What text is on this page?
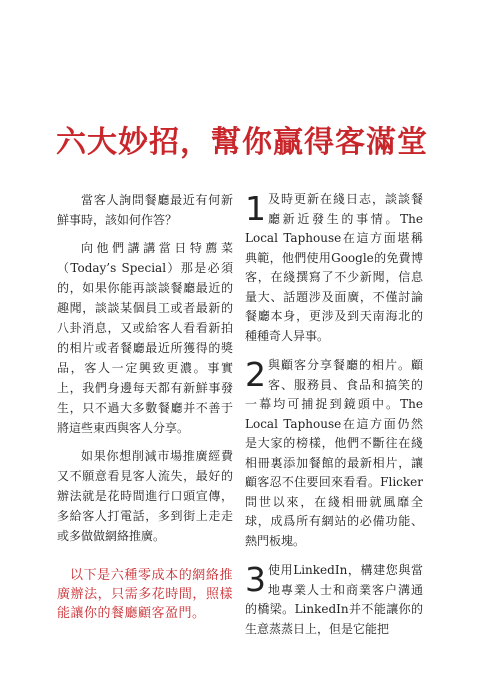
六大妙招，幫你贏得客滿堂

當客人詢問餐廳最近有何新鮮事時，該如何作答？

向他們講講當日特薦菜（Today’s Special）那是必須的，如果你能再談談餐廳最近的趣聞，談談某個員工或者最新的八卦消息，又或給客人看看新拍的相片或者餐廳最近所獲得的獎品，客人一定興致更濃。事實上，我們身邊每天都有新鮮事發生，只不過大多數餐廳并不善于將這些東西與客人分享。

如果你想削減市場推廣經費又不願意看見客人流失，最好的辦法就是花時間進行口頭宣傳，多給客人打電話，多到街上走走或多做做網絡推廣。

以下是六種零成本的網絡推廣辦法，只需多花時間，照樣能讓你的餐廳顧客盈門。

1 及時更新在綫日志，談談餐廳新近發生的事情。The Local Taphouse在這方面堪稱典範，他們使用Google的免費博客，在綫撰寫了不少新聞，信息量大、話題涉及面廣，不僅討論餐廳本身，更涉及到天南海北的種種奇人异事。
2 與顧客分享餐廳的相片。顧客、服務員、食品和搞笑的一幕均可捕捉到鏡頭中。The Local Taphouse在這方面仍然是大家的榜樣，他們不斷往在綫相冊裏添加餐館的最新相片，讓顧客忍不住要回來看看。Flicker問世以來，在綫相冊就風靡全球，成爲所有網站的必備功能、熱門板塊。
3 使用LinkedIn，構建您與當地專業人士和商業客户溝通的橋梁。LinkedIn并不能讓你的生意蒸蒸日上，但是它能把
